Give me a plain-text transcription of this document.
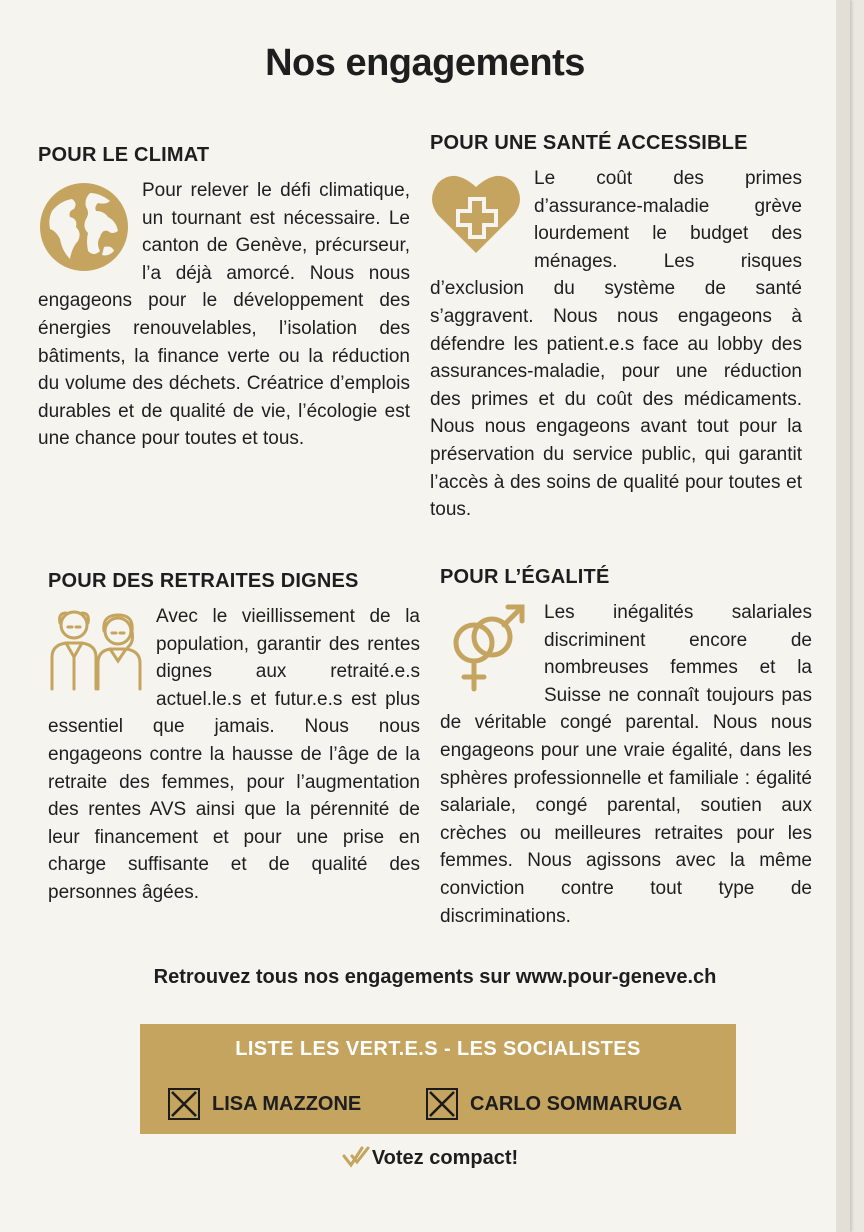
Nos engagements
POUR LE CLIMAT

Pour relever le défi climatique, un tournant est nécessaire. Le canton de Genève, précurseur, l’a déjà amorcé. Nous nous engageons pour le développement des énergies renouvelables, l’isolation des bâtiments, la finance verte ou la réduction du volume des déchets. Créatrice d’emplois durables et de qualité de vie, l’écologie est une chance pour toutes et tous.

POUR UNE SANTÉ ACCESSIBLE

Le coût des primes d’assurance-maladie grève lourdement le budget des ménages. Les risques d’exclusion du système de santé s’aggravent. Nous nous engageons à défendre les patient.e.s face au lobby des assurances-maladie, pour une réduction des primes et du coût des médicaments. Nous nous engageons avant tout pour la préservation du service public, qui garantit l’accès à des soins de qualité pour toutes et tous.

POUR DES RETRAITES DIGNES

Avec le vieillissement de la population, garantir des rentes dignes aux retraité.e.s actuel.le.s et futur.e.s est plus essentiel que jamais. Nous nous engageons contre la hausse de l’âge de la retraite des femmes, pour l’augmentation des rentes AVS ainsi que la pérennité de leur financement et pour une prise en charge suffisante et de qualité des personnes âgées.

POUR L’ÉGALITÉ

Les inégalités salariales discriminent encore de nombreuses femmes et la Suisse ne connaît toujours pas de véritable congé parental. Nous nous engageons pour une vraie égalité, dans les sphères professionnelle et familiale : égalité salariale, congé parental, soutien aux crèches ou meilleures retraites pour les femmes. Nous agissons avec la même conviction contre tout type de discriminations.

Retrouvez tous nos engagements sur www.pour-geneve.ch
LISTE LES VERT.E.S - LES SOCIALISTES
LISA MAZZONE	CARLO SOMMARUGA
Votez compact!
